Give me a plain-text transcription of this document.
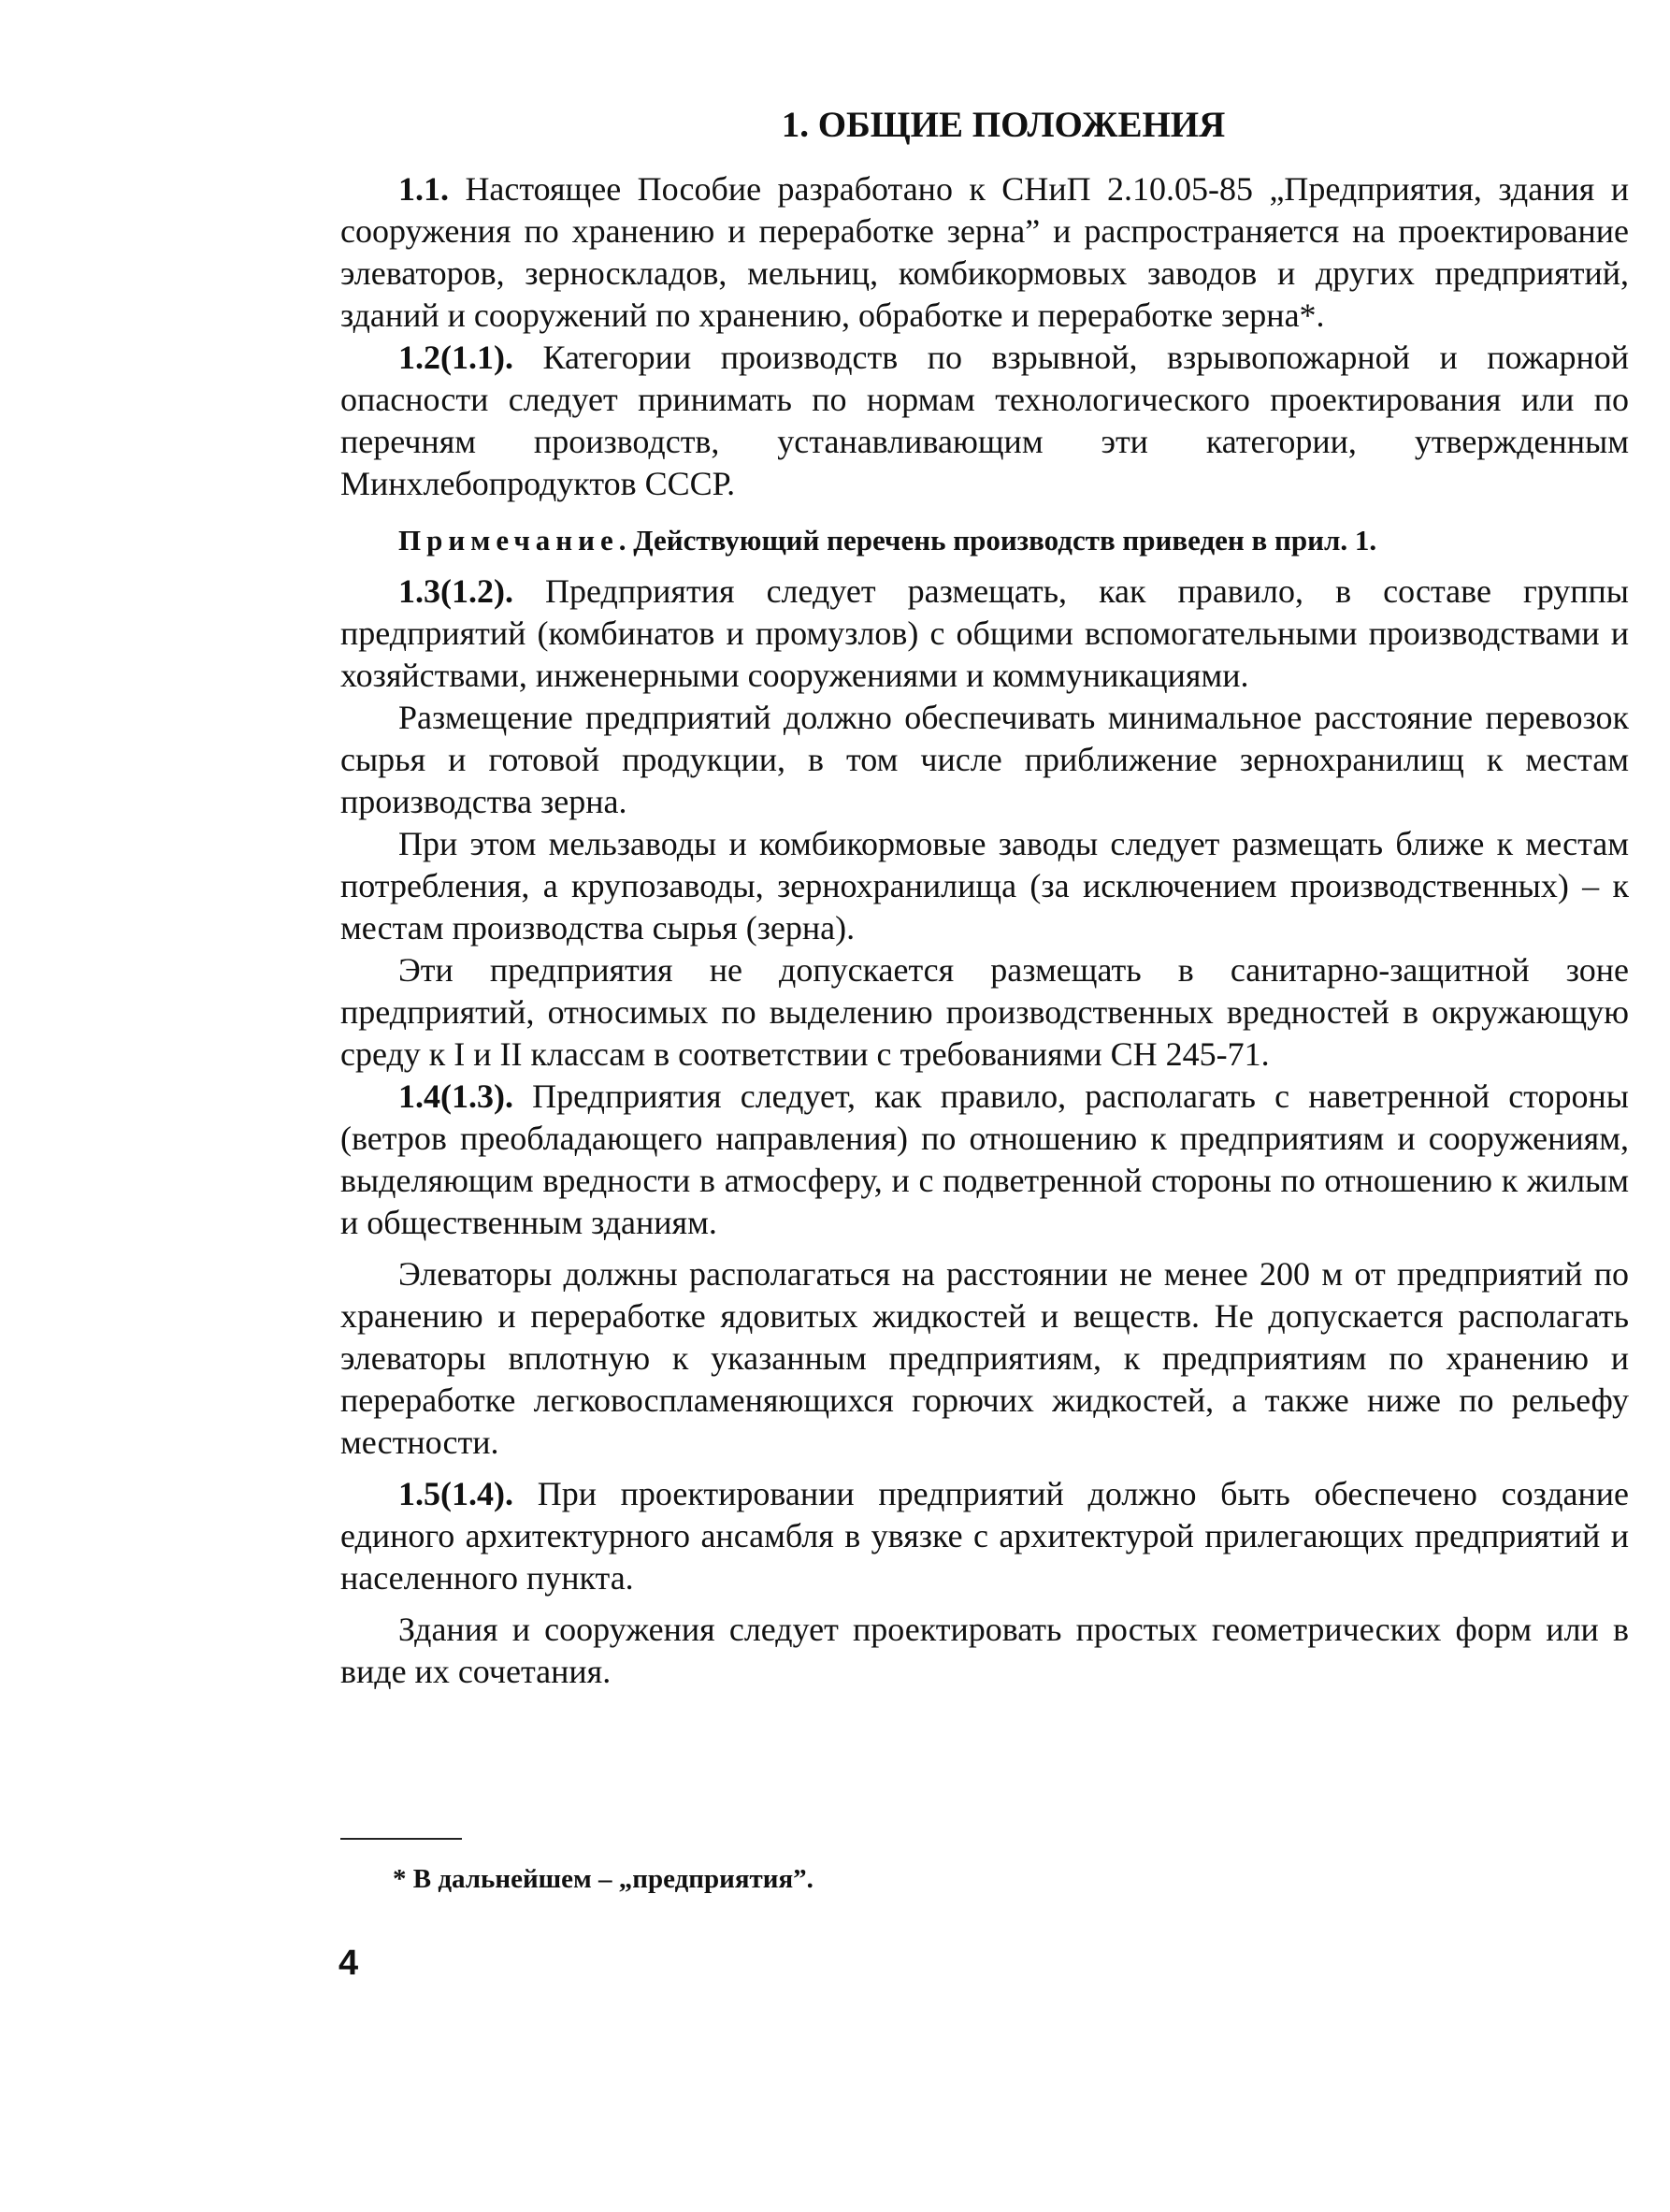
1. ОБЩИЕ ПОЛОЖЕНИЯ

1.1. Настоящее Пособие разработано к СНиП 2.10.05-85 „Предприятия, здания и сооружения по хранению и переработке зерна” и распространяется на проектирование элеваторов, зерноскладов, мельниц, комбикормовых заводов и других предприятий, зданий и сооружений по хранению, обработке и переработке зерна*.

1.2(1.1). Категории производств по взрывной, взрывопожарной и пожарной опасности следует принимать по нормам технологического проектирования или по перечням производств, устанавливающим эти категории, утвержденным Минхлебопродуктов СССР.

Примечание. Действующий перечень производств приведен в прил. 1.

1.3(1.2). Предприятия следует размещать, как правило, в составе группы предприятий (комбинатов и промузлов) с общими вспомогательными производствами и хозяйствами, инженерными сооружениями и коммуникациями.

Размещение предприятий должно обеспечивать минимальное расстояние перевозок сырья и готовой продукции, в том числе приближение зернохранилищ к местам производства зерна.

При этом мельзаводы и комбикормовые заводы следует размещать ближе к местам потребления, а крупозаводы, зернохранилища (за исключением производственных) – к местам производства сырья (зерна).

Эти предприятия не допускается размещать в санитарно-защитной зоне предприятий, относимых по выделению производственных вредностей в окружающую среду к I и II классам в соответствии с требованиями СН 245-71.

1.4(1.3). Предприятия следует, как правило, располагать с наветренной стороны (ветров преобладающего направления) по отношению к предприятиям и сооружениям, выделяющим вредности в атмосферу, и с подветренной стороны по отношению к жилым и общественным зданиям.

Элеваторы должны располагаться на расстоянии не менее 200 м от предприятий по хранению и переработке ядовитых жидкостей и веществ. Не допускается располагать элеваторы вплотную к указанным предприятиям, к предприятиям по хранению и переработке легковоспламеняющихся горючих жидкостей, а также ниже по рельефу местности.

1.5(1.4). При проектировании предприятий должно быть обеспечено создание единого архитектурного ансамбля в увязке с архитектурой прилегающих предприятий и населенного пункта.

Здания и сооружения следует проектировать простых геометрических форм или в виде их сочетания.

* В дальнейшем – „предприятия”.
4
